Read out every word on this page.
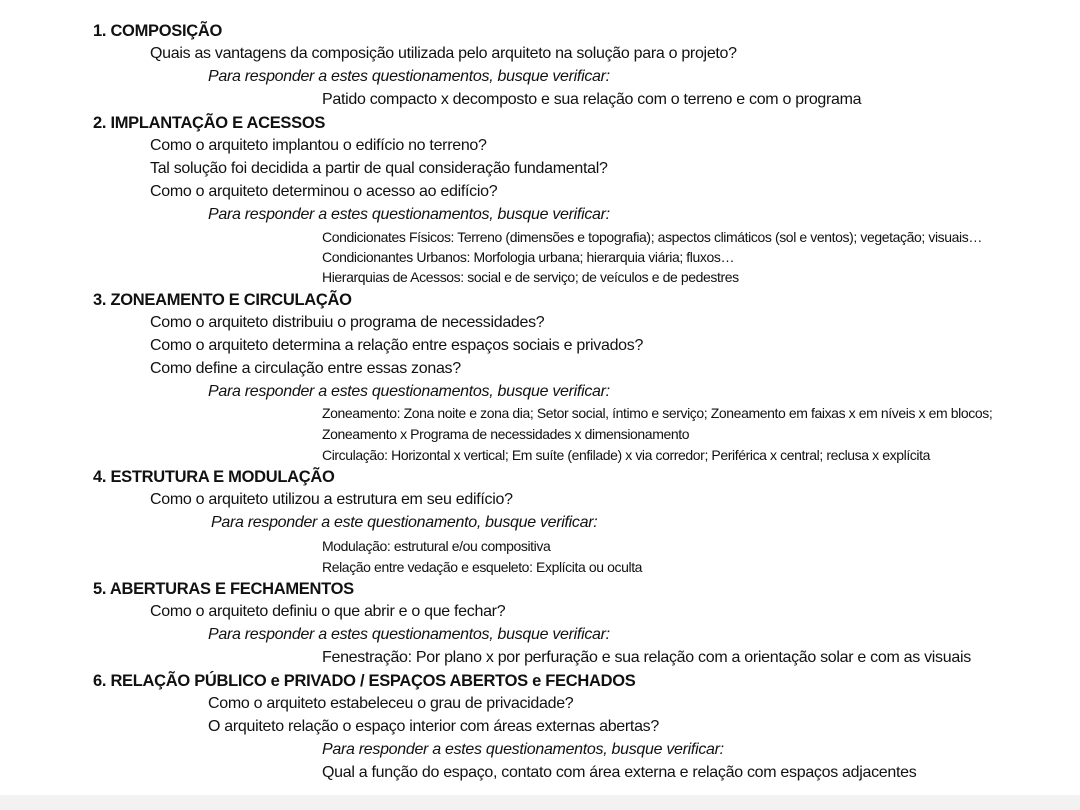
1. COMPOSIÇÃO
Quais as vantagens da composição utilizada pelo arquiteto na solução para o projeto?
Para responder a estes questionamentos, busque verificar:
Patido compacto x decomposto e sua relação com o terreno e com o programa
2. IMPLANTAÇÃO E ACESSOS
Como o arquiteto implantou o edifício no terreno?
Tal solução foi decidida a partir de qual consideração fundamental?
Como o arquiteto determinou o acesso ao edifício?
Para responder a estes questionamentos, busque verificar:
Condicionates Físicos: Terreno (dimensões e topografia); aspectos climáticos (sol e ventos); vegetação; visuais…
Condicionantes Urbanos: Morfologia urbana; hierarquia viária; fluxos…
Hierarquias de Acessos: social e de serviço; de veículos e de pedestres
3. ZONEAMENTO E CIRCULAÇÃO
Como o arquiteto distribuiu o programa de necessidades?
Como o arquiteto determina a relação entre espaços sociais e privados?
Como define a circulação entre essas zonas?
Para responder a estes questionamentos, busque verificar:
Zoneamento: Zona noite e zona dia; Setor social, íntimo e serviço; Zoneamento em faixas x em níveis x em blocos;
Zoneamento x Programa de necessidades x dimensionamento
Circulação: Horizontal x vertical; Em suíte (enfilade) x via corredor; Periférica x central; reclusa x explícita
4. ESTRUTURA E MODULAÇÃO
Como o arquiteto utilizou a estrutura em seu edifício?
Para responder a este questionamento, busque verificar:
Modulação: estrutural e/ou compositiva
Relação entre vedação e esqueleto: Explícita ou oculta
5. ABERTURAS E FECHAMENTOS
Como o arquiteto definiu o que abrir e o que fechar?
Para responder a estes questionamentos, busque verificar:
Fenestração: Por plano x por perfuração e sua relação com a orientação solar e com as visuais
6. RELAÇÃO PÚBLICO e PRIVADO / ESPAÇOS ABERTOS e FECHADOS
Como o arquiteto estabeleceu o grau de privacidade?
O arquiteto relação o espaço interior com áreas externas abertas?
Para responder a estes questionamentos, busque verificar:
Qual a função do espaço, contato com área externa e relação com espaços adjacentes
